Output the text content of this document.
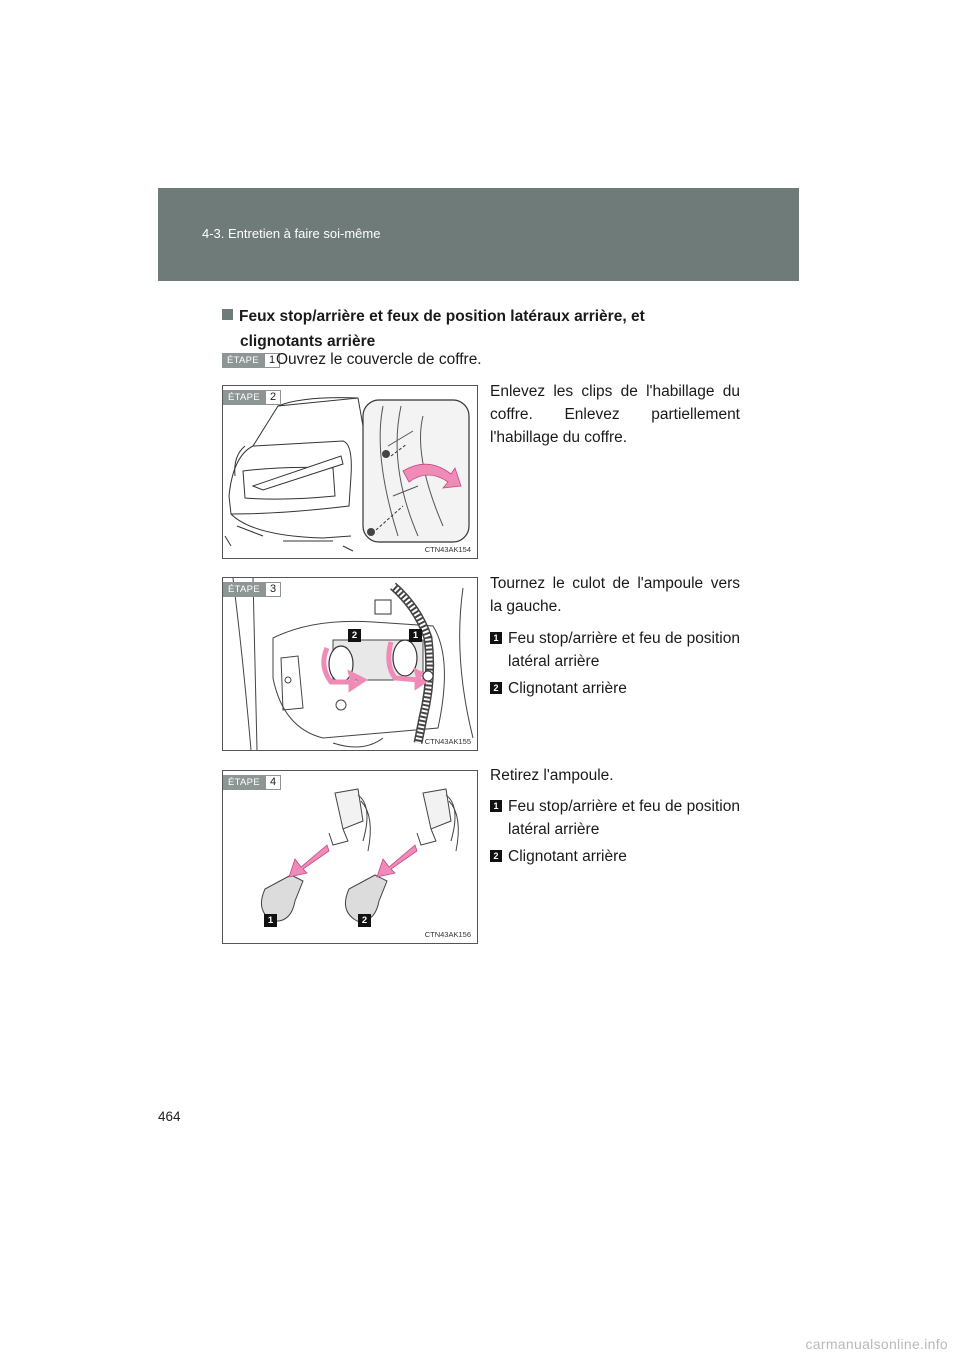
4-3. Entretien à faire soi-même
Feux stop/arrière et feux de position latéraux arrière, et
clignotants arrière
ÉTAPE 1 Ouvrez le couvercle de coffre.
ÉTAPE 2
CTN43AK154
Enlevez les clips de l'habillage du coffre. Enlevez partiellement l'habillage du coffre.
2	1
ÉTAPE 3
CTN43AK155
Tournez le culot de l'ampoule vers la gauche.
1 Feu stop/arrière et feu de position latéral arrière
2 Clignotant arrière
1	2
ÉTAPE 4
CTN43AK156
Retirez l'ampoule.
1 Feu stop/arrière et feu de position latéral arrière
2 Clignotant arrière
464
carmanualsonline.info
